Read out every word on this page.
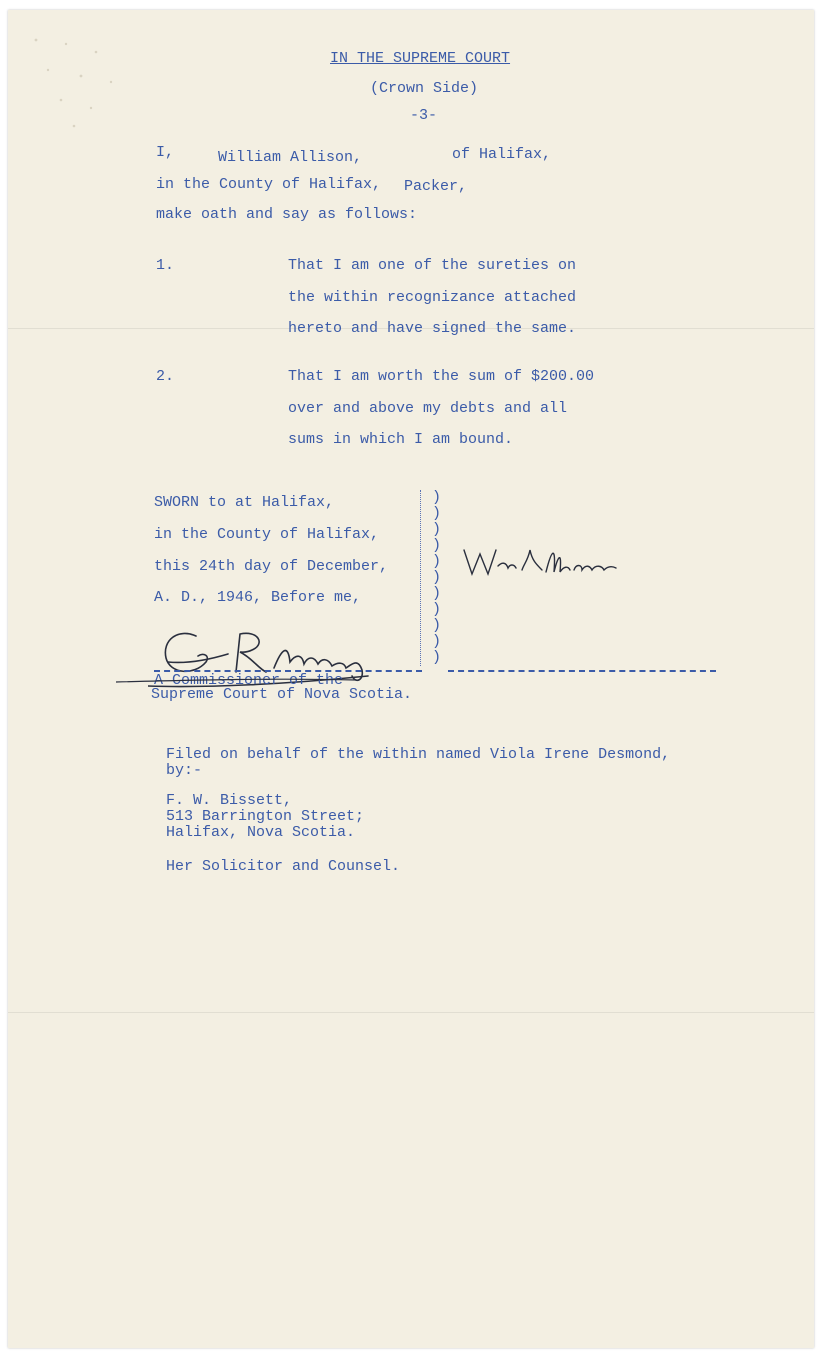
IN THE SUPREME COURT
(Crown Side)
-3-
I,	William Allison,	of Halifax,
in the County of Halifax, Packer,
make oath and say as follows:
1.	That I am one of the sureties on
the within recognizance attached
hereto and have signed the same.
2.	That I am worth the sum of $200.00
over and above my debts and all
sums in which I am bound.
SWORN to at Halifax,
in the County of Halifax,
this 24th day of December,
A. D., 1946, Before me,
)
)
)
)
)
)
)
)
)
)
)
A Commissioner of the
Supreme Court of Nova Scotia.
Filed on behalf of the within named Viola Irene Desmond,
by:-
F. W. Bissett,
513 Barrington Street;
Halifax, Nova Scotia.
Her Solicitor and Counsel.
